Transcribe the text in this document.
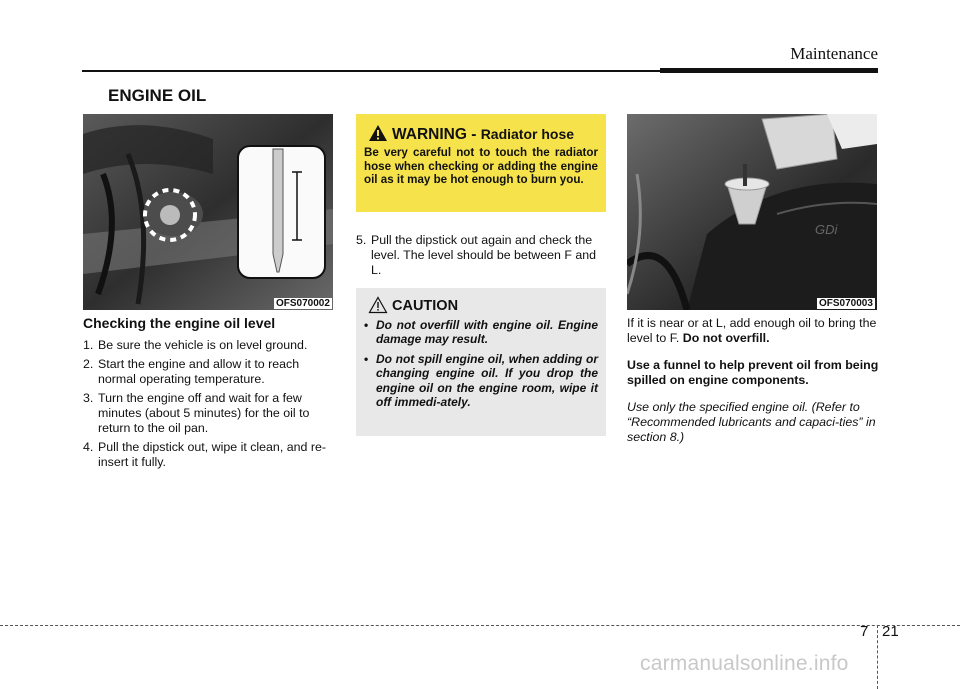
Maintenance
ENGINE OIL
OFS070002

Checking the engine oil level

1. Be sure the vehicle is on level ground.
2. Start the engine and allow it to reach normal operating temperature.
3. Turn the engine off and wait for a few minutes (about 5 minutes) for the oil to return to the oil pan.
4. Pull the dipstick out, wipe it clean, and re-insert it fully.
WARNING - Radiator hose
Be very careful not to touch the radiator hose when checking or adding the engine oil as it may be hot enough to burn you.
5. Pull the dipstick out again and check the level. The level should be between F and L.
CAUTION
• Do not overfill with engine oil. Engine damage may result.
• Do not spill engine oil, when adding or changing engine oil. If you drop the engine oil on the engine room, wipe it off immedi-ately.
GDi
OFS070003

If it is near or at L, add enough oil to bring the level to F. Do not overfill.

Use a funnel to help prevent oil from being spilled on engine components.

Use only the specified engine oil. (Refer to “Recommended lubricants and capaci-ties” in section 8.)

7 21
carmanualsonline.info
